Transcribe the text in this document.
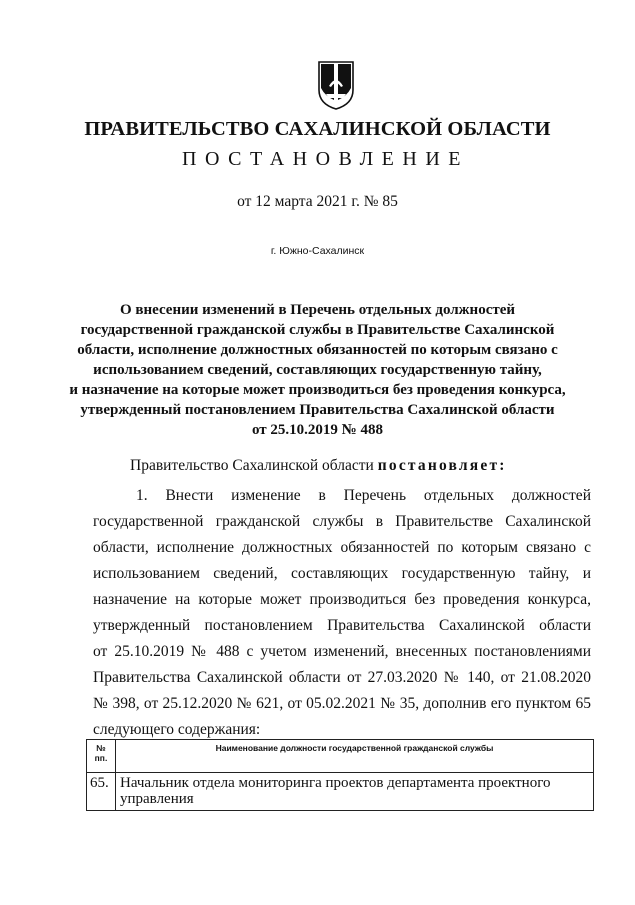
ПРАВИТЕЛЬСТВО САХАЛИНСКОЙ ОБЛАСТИ
ПОСТАНОВЛЕНИЕ
от 12 марта 2021 г. № 85
г. Южно-Сахалинск
О внесении изменений в Перечень отдельных должностей
государственной гражданской службы в Правительстве Сахалинской
области, исполнение должностных обязанностей по которым связано с
использованием сведений, составляющих государственную тайну,
и назначение на которые может производиться без проведения конкурса,
утвержденный постановлением Правительства Сахалинской области
от 25.10.2019 № 488
Правительство Сахалинской области постановляет:
1. Внести изменение в Перечень отдельных должностей
государственной гражданской службы в Правительстве Сахалинской
области, исполнение должностных обязанностей по которым связано с
использованием сведений, составляющих государственную тайну, и
назначение на которые может производиться без проведения конкурса,
утвержденный постановлением Правительства Сахалинской области
от 25.10.2019 № 488 с учетом изменений, внесенных постановлениями
Правительства Сахалинской области от 27.03.2020 № 140, от 21.08.2020
№ 398, от 25.12.2020 № 621, от 05.02.2021 № 35, дополнив его пунктом 65
следующего содержания:
№ пп.	Наименование должности государственной гражданской службы
65.	Начальник отдела мониторинга проектов департамента проектного управления
